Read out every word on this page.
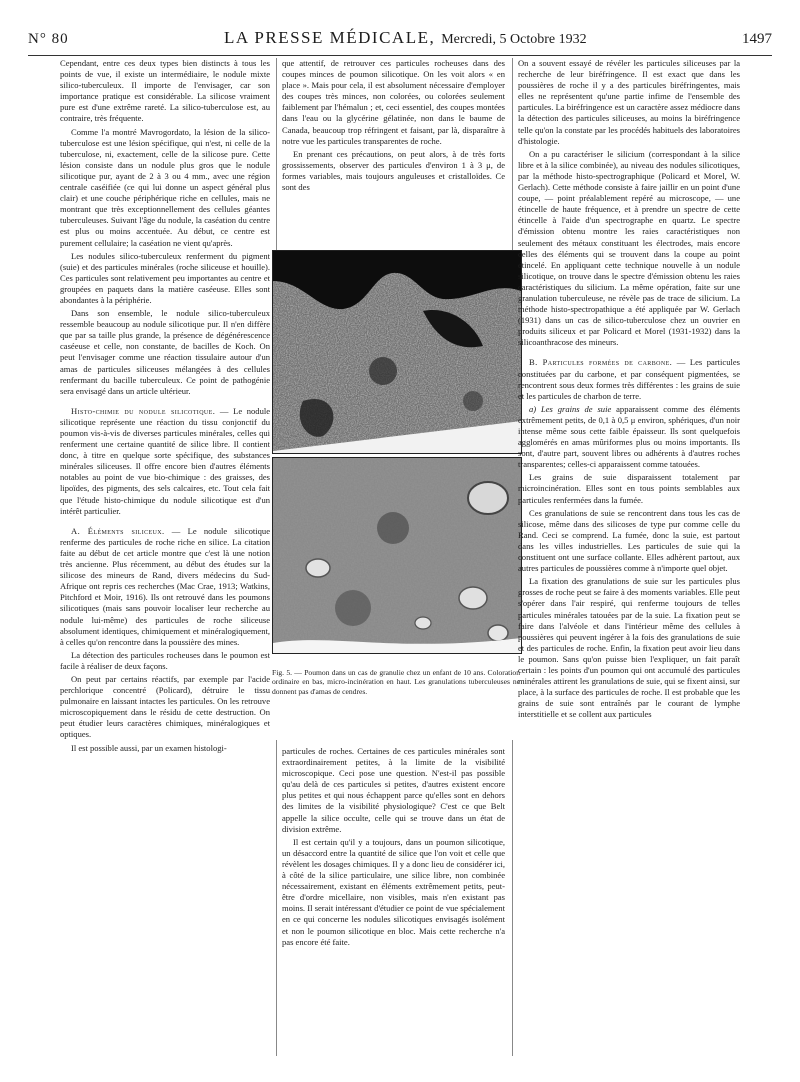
N° 80	LA PRESSE MÉDICALE, Mercredi, 5 Octobre 1932	1497

Cependant, entre ces deux types bien distincts à tous les points de vue, il existe un intermédiaire, le nodule mixte silico-tuberculeux. Il importe de l'envisager, car son importance pratique est considérable. La silicose vraiment pure est d'une extrême rareté. La silico-tuberculose est, au contraire, très fréquente.

Comme l'a montré Mavrogordato, la lésion de la silico-tuberculose est une lésion spécifique, qui n'est, ni celle de la tuberculose, ni, exactement, celle de la silicose pure. Cette lésion consiste dans un nodule plus gros que le nodule silicotique pur, ayant de 2 à 3 ou 4 mm., avec une région centrale caséifiée (ce qui lui donne un aspect général plus clair) et une couche périphérique riche en cellules, mais ne montrant que très exceptionnellement des cellules géantes tuberculeuses. Suivant l'âge du nodule, la caséation du centre est plus ou moins accentuée. Au début, ce centre est purement cellulaire; la caséation ne vient qu'après.

Les nodules silico-tuberculeux renferment du pigment (suie) et des particules minérales (roche siliceuse et houille). Ces particules sont relativement peu importantes au centre et groupées en paquets dans la matière caséeuse. Elles sont abondantes à la périphérie.

Dans son ensemble, le nodule silico-tuberculeux ressemble beaucoup au nodule silicotique pur. Il n'en diffère que par sa taille plus grande, la présence de dégénérescence caséeuse et celle, non constante, de bacilles de Koch. On peut l'envisager comme une réaction tissulaire autour d'un amas de particules siliceuses mélangées à des cellules renfermant du bacille tuberculeux. Ce point de pathogénie sera envisagé dans un article ultérieur.

Histo-chimie du nodule silicotique. — Le nodule silicotique représente une réaction du tissu conjonctif du poumon vis-à-vis de diverses particules minérales, celles qui renferment une certaine quantité de silice libre. Il contient donc, à titre en quelque sorte spécifique, des substances minérales siliceuses. Il offre encore bien d'autres éléments notables au point de vue bio-chimique : des graisses, des lipoïdes, des pigments, des sels calcaires, etc. Tout cela fait que l'étude histo-chimique du nodule silicotique est d'un intérêt particulier.

A. Éléments siliceux. — Le nodule silicotique renferme des particules de roche riche en silice. La citation faite au début de cet article montre que c'est là une notion très ancienne. Plus récemment, au début des études sur la silicose des mineurs de Rand, divers médecins du Sud-Afrique ont repris ces recherches (Mac Crae, 1913; Watkins, Pitchford et Moir, 1916). Ils ont retrouvé dans les poumons silicotiques (mais sans pouvoir localiser leur recherche au nodule lui-même) des particules de roche siliceuse absolument identiques, chimiquement et minéralogiquement, à celles qu'on rencontre dans la poussière des mines.

La détection des particules rocheuses dans le poumon est facile à réaliser de deux façons.

On peut par certains réactifs, par exemple par l'acide perchlorique concentré (Policard), détruire le tissu pulmonaire en laissant intactes les particules. On les retrouve microscopiquement dans le résidu de cette destruction. On peut étudier leurs caractères chimiques, minéralogiques et optiques.

Il est possible aussi, par un examen histologi-

que attentif, de retrouver ces particules rocheuses dans des coupes minces de poumon silicotique. On les voit alors « en place ». Mais pour cela, il est absolument nécessaire d'employer des coupes très minces, non colorées, ou colorées seulement faiblement par l'hémalun ; et, ceci essentiel, des coupes montées dans l'eau ou la glycérine gélatinée, non dans le baume de Canada, beaucoup trop réfringent et faisant, par là, disparaître à notre vue les particules transparentes de roche.

En prenant ces précautions, on peut alors, à de très forts grossissements, observer des particules d'environ 1 à 3 μ, de formes variables, mais toujours anguleuses et cristalloïdes. Ce sont des

Fig. 5. — Poumon dans un cas de granulie chez un enfant de 10 ans. Coloration ordinaire en bas, micro-incinération en haut. Les granulations tuberculeuses ne donnent pas d'amas de cendres.

particules de roches. Certaines de ces particules minérales sont extraordinairement petites, à la limite de la visibilité microscopique. Ceci pose une question. N'est-il pas possible qu'au delà de ces particules si petites, d'autres existent encore plus petites et qui nous échappent parce qu'elles sont en dehors des limites de la visibilité physiologique? C'est ce que Belt appelle la silice occulte, celle qui se trouve dans un état de division extrême.

Il est certain qu'il y a toujours, dans un poumon silicotique, un désaccord entre la quantité de silice que l'on voit et celle que révèlent les dosages chimiques. Il y a donc lieu de considérer ici, à côté de la silice particulaire, une silice libre, non combinée nécessairement, existant en éléments extrêmement petits, peut-être d'ordre micellaire, non visibles, mais n'en existant pas moins. Il serait intéressant d'étudier ce point de vue spécialement en ce qui concerne les nodules silicotiques envisagés isolément et non le poumon silicotique en bloc. Mais cette recherche n'a pas encore été faite.

On a souvent essayé de révéler les particules siliceuses par la recherche de leur biréfringence. Il est exact que dans les poussières de roche il y a des particules biréfringentes, mais elles ne représentent qu'une partie infime de l'ensemble des particules. La biréfringence est un caractère assez médiocre dans la détection des particules siliceuses, au moins la biréfringence telle qu'on la constate par les procédés habituels des laboratoires d'histologie.

On a pu caractériser le silicium (correspondant à la silice libre et à la silice combinée), au niveau des nodules silicotiques, par la méthode histo-spectrographique (Policard et Morel, W. Gerlach). Cette méthode consiste à faire jaillir en un point d'une coupe, — point préalablement repéré au microscope, — une étincelle de haute fréquence, et à prendre un spectre de cette étincelle à l'aide d'un spectrographe en quartz. Le spectre d'émission obtenu montre les raies caractéristiques non seulement des métaux constituant les électrodes, mais encore celles des éléments qui se trouvent dans la coupe au point étincelé. En appliquant cette technique nouvelle à un nodule silicotique, on trouve dans le spectre d'émission obtenu les raies caractéristiques du silicium. La même opération, faite sur une granulation tuberculeuse, ne révèle pas de trace de silicium. La méthode histo-spectropathique a été appliquée par W. Gerlach (1931) dans un cas de silico-tuberculose chez un ouvrier en produits siliceux et par Policard et Morel (1931-1932) dans la silicoanthracose des mineurs.

B. Particules formées de carbone. — Les particules constituées par du carbone, et par conséquent pigmentées, se rencontrent sous deux formes très différentes : les grains de suie et les particules de charbon de terre.

a) Les grains de suie apparaissent comme des éléments extrêmement petits, de 0,1 à 0,5 μ environ, sphériques, d'un noir intense même sous cette faible épaisseur. Ils sont quelquefois agglomérés en amas mûriformes plus ou moins importants. Ils sont, d'autre part, souvent libres ou adhérents à d'autres roches transparentes; celles-ci apparaissent comme tatouées.

Les grains de suie disparaissent totalement par microincinération. Elles sont en tous points semblables aux particules renfermées dans la fumée.

Ces granulations de suie se rencontrent dans tous les cas de silicose, même dans des silicoses de type pur comme celle du Rand. Ceci se comprend. La fumée, donc la suie, est partout dans les villes industrielles. Les particules de suie qui la constituent ont une surface collante. Elles adhèrent partout, aux autres particules de poussières comme à n'importe quel objet.

La fixation des granulations de suie sur les particules plus grosses de roche peut se faire à des moments variables. Elle peut s'opérer dans l'air respiré, qui renferme toujours de telles particules minérales tatouées par de la suie. La fixation peut se faire dans l'alvéole et dans l'intérieur même des cellules à poussières qui peuvent ingérer à la fois des granulations de suie et des particules de roche. Enfin, la fixation peut avoir lieu dans le poumon. Sans qu'on puisse bien l'expliquer, un fait paraît certain : les points d'un poumon qui ont accumulé des particules minérales attirent les granulations de suie, qui se fixent ainsi, sur place, à la surface des particules de roche. Il est probable que les grains de suie sont entraînés par le courant de lymphe interstitielle et se collent aux particules
